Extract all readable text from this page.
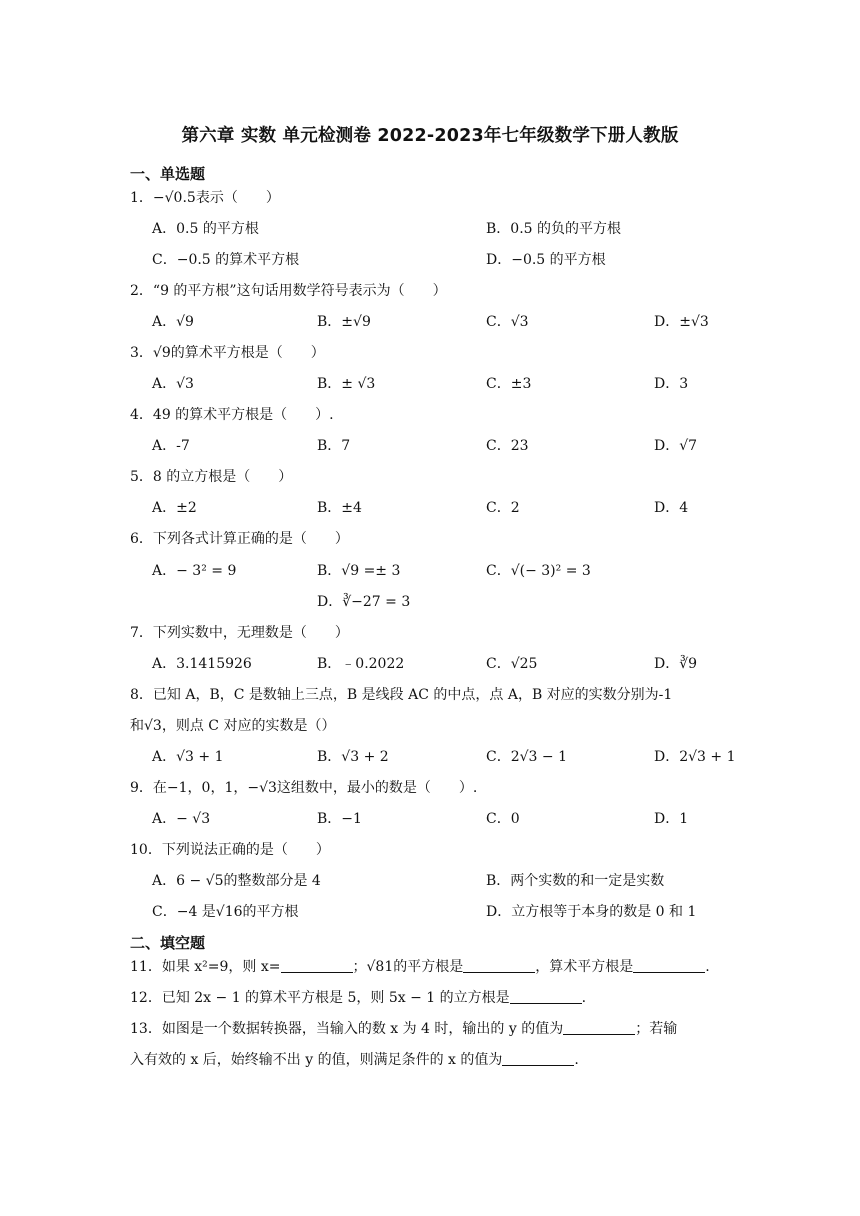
第六章 实数 单元检测卷 2022-2023年七年级数学下册人教版
一、单选题
1．−√0.5表示（　　）
A．0.5 的平方根	B．0.5 的负的平方根
C．−0.5 的算术平方根	D．−0.5 的平方根
2．“9 的平方根”这句话用数学符号表示为（　　）
A．√9	B．±√9	C．√3	D．±√3
3．√9的算术平方根是（　　）
A．√3	B．± √3	C．±3	D．3
4．49 的算术平方根是（　　）.
A．-7	B．7	C．23	D．√7
5．8 的立方根是（　　）
A．±2	B．±4	C．2	D．4
6．下列各式计算正确的是（　　）
A．− 3² = 9	B．√9 =± 3	C．√(− 3)² = 3
D．∛−27 = 3
7．下列实数中，无理数是（　　）
A．3.1415926	B．﹣0.2022	C．√25	D．∛9
8．已知 A，B，C 是数轴上三点，B 是线段 AC 的中点，点 A，B 对应的实数分别为-1
和√3，则点 C 对应的实数是（）
A．√3 + 1	B．√3 + 2	C．2√3 − 1	D．2√3 + 1
9．在−1，0，1，−√3这组数中，最小的数是（　　）.
A．− √3	B．−1	C．0	D．1
10．下列说法正确的是（　　）
A．6 − √5的整数部分是 4	B．两个实数的和一定是实数
C．−4 是√16的平方根	D．立方根等于本身的数是 0 和 1
二、填空题
11．如果 x²=9，则 x=	；√81的平方根是	，算术平方根是	.
12．已知 2x − 1 的算术平方根是 5，则 5x − 1 的立方根是	.
13．如图是一个数据转换器，当输入的数 x 为 4 时，输出的 y 的值为	；若输
入有效的 x 后，始终输不出 y 的值，则满足条件的 x 的值为	.
